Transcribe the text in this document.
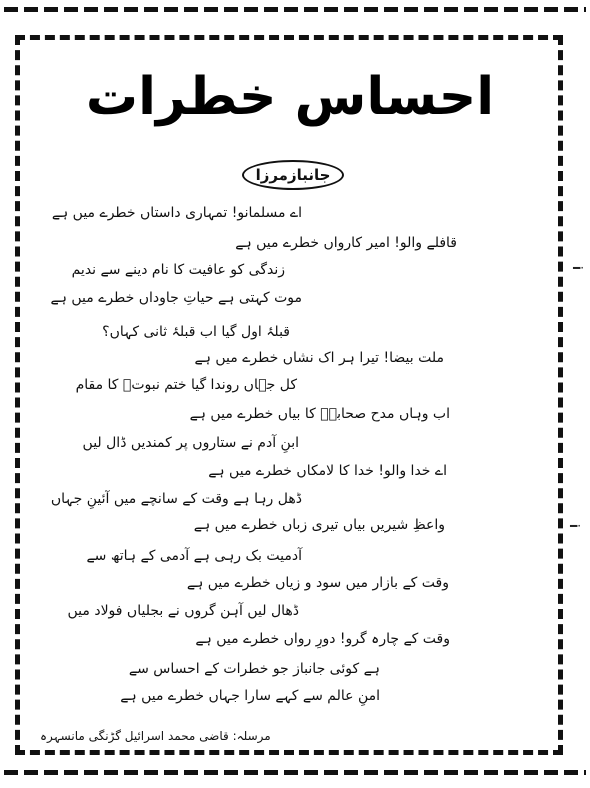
━·
━·
احساس خطرات
جانبازمرزا
اے مسلمانو! تمہاری داستاں خطرے میں ہے
قافلے والو! امیر کارواں خطرے میں ہے
زندگی کو عافیت کا نام دینے سے ندیم
موت کہتی ہے حیاتِ جاوداں خطرے میں ہے
قبلۂ اول گیا اب قبلۂ ثانی کہاں؟
ملت بیضا! تیرا ہر اک نشاں خطرے میں ہے
کل جہاں روندا گیا ختم نبوتؐ کا مقام
اب وہاں مدح صحابہؓ کا بیاں خطرے میں ہے
ابنِ آدم نے ستاروں پر کمندیں ڈال لیں
اے خدا والو! خدا کا لامکاں خطرے میں ہے
ڈھل رہا ہے وقت کے سانچے میں آئینِ جہاں
واعظِ شیریں بیاں تیری زباں خطرے میں ہے
آدمیت بک رہی ہے آدمی کے ہاتھ سے
وقت کے بازار میں سود و زیاں خطرے میں ہے
ڈھال لیں آہن گروں نے بجلیاں فولاد میں
وقت کے چارہ گرو! دورِ رواں خطرے میں ہے
ہے کوئی جانباز جو خطرات کے احساس سے
امنِ عالم سے کہے سارا جہاں خطرے میں ہے
مرسلہ: قاضی محمد اسرائیل گڑنگی مانسہرہ
